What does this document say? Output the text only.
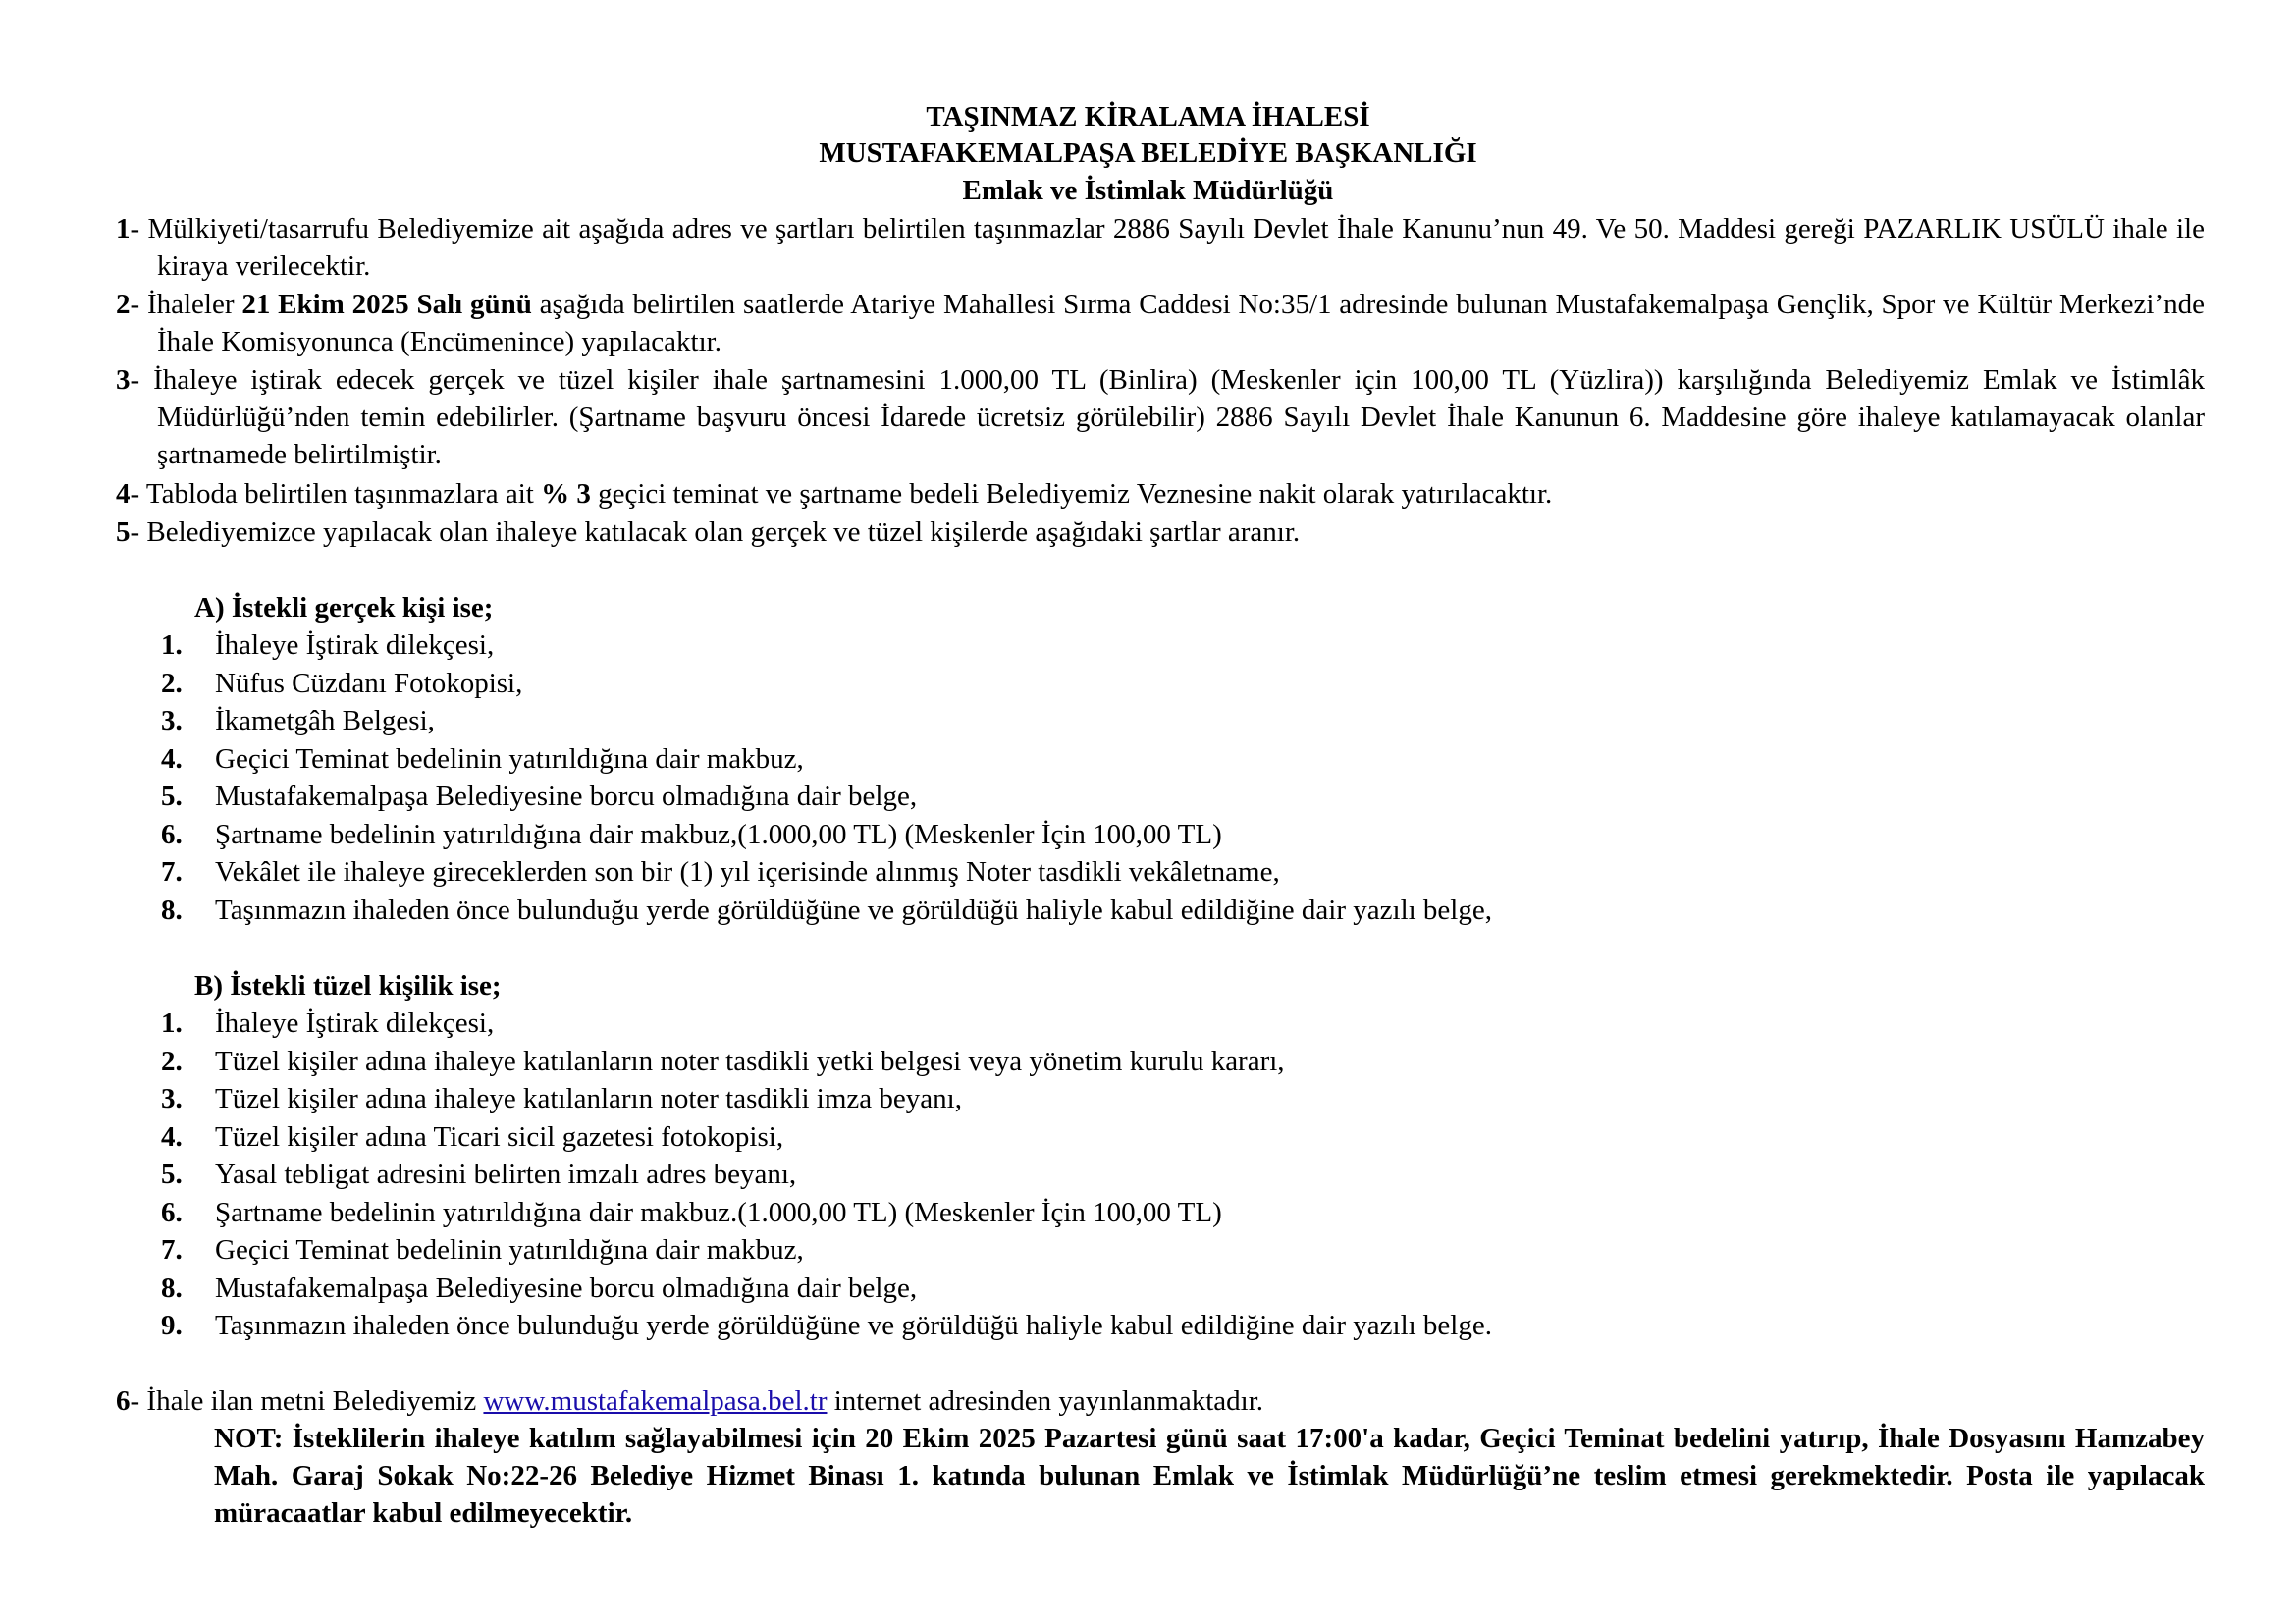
TAŞINMAZ KİRALAMA İHALESİ
MUSTAFAKEMALPAŞA BELEDİYE BAŞKANLIĞI
Emlak ve İstimlak Müdürlüğü
1- Mülkiyeti/tasarrufu Belediyemize ait aşağıda adres ve şartları belirtilen taşınmazlar 2886 Sayılı Devlet İhale Kanunu’nun 49. Ve 50. Maddesi gereği PAZARLIK USÜLÜ ihale ile kiraya verilecektir.
2- İhaleler 21 Ekim 2025 Salı günü aşağıda belirtilen saatlerde Atariye Mahallesi Sırma Caddesi No:35/1 adresinde bulunan Mustafakemalpaşa Gençlik, Spor ve Kültür Merkezi’nde İhale Komisyonunca (Encümenince) yapılacaktır.
3- İhaleye iştirak edecek gerçek ve tüzel kişiler ihale şartnamesini 1.000,00 TL (Binlira) (Meskenler için 100,00 TL (Yüzlira)) karşılığında Belediyemiz Emlak ve İstimlâk Müdürlüğü’nden temin edebilirler. (Şartname başvuru öncesi İdarede ücretsiz görülebilir) 2886 Sayılı Devlet İhale Kanunun 6. Maddesine göre ihaleye katılamayacak olanlar şartnamede belirtilmiştir.
4- Tabloda belirtilen taşınmazlara ait % 3 geçici teminat ve şartname bedeli Belediyemiz Veznesine nakit olarak yatırılacaktır.
5- Belediyemizce yapılacak olan ihaleye katılacak olan gerçek ve tüzel kişilerde aşağıdaki şartlar aranır.
A) İstekli gerçek kişi ise;
1. İhaleye İştirak dilekçesi,
2. Nüfus Cüzdanı Fotokopisi,
3. İkametgâh Belgesi,
4. Geçici Teminat bedelinin yatırıldığına dair makbuz,
5. Mustafakemalpaşa Belediyesine borcu olmadığına dair belge,
6. Şartname bedelinin yatırıldığına dair makbuz,(1.000,00 TL) (Meskenler İçin 100,00 TL)
7. Vekâlet ile ihaleye gireceklerden son bir (1) yıl içerisinde alınmış Noter tasdikli vekâletname,
8. Taşınmazın ihaleden önce bulunduğu yerde görüldüğüne ve görüldüğü haliyle kabul edildiğine dair yazılı belge,
B) İstekli tüzel kişilik ise;
1. İhaleye İştirak dilekçesi,
2. Tüzel kişiler adına ihaleye katılanların noter tasdikli yetki belgesi veya yönetim kurulu kararı,
3. Tüzel kişiler adına ihaleye katılanların noter tasdikli imza beyanı,
4. Tüzel kişiler adına Ticari sicil gazetesi fotokopisi,
5. Yasal tebligat adresini belirten imzalı adres beyanı,
6. Şartname bedelinin yatırıldığına dair makbuz.(1.000,00 TL) (Meskenler İçin 100,00 TL)
7. Geçici Teminat bedelinin yatırıldığına dair makbuz,
8. Mustafakemalpaşa Belediyesine borcu olmadığına dair belge,
9. Taşınmazın ihaleden önce bulunduğu yerde görüldüğüne ve görüldüğü haliyle kabul edildiğine dair yazılı belge.
6- İhale ilan metni Belediyemiz www.mustafakemalpasa.bel.tr internet adresinden yayınlanmaktadır.
NOT: İsteklilerin ihaleye katılım sağlayabilmesi için 20 Ekim 2025 Pazartesi günü saat 17:00'a kadar, Geçici Teminat bedelini yatırıp, İhale Dosyasını Hamzabey Mah. Garaj Sokak No:22-26 Belediye Hizmet Binası 1. katında bulunan Emlak ve İstimlak Müdürlüğü’ne teslim etmesi gerekmektedir. Posta ile yapılacak müracaatlar kabul edilmeyecektir.
